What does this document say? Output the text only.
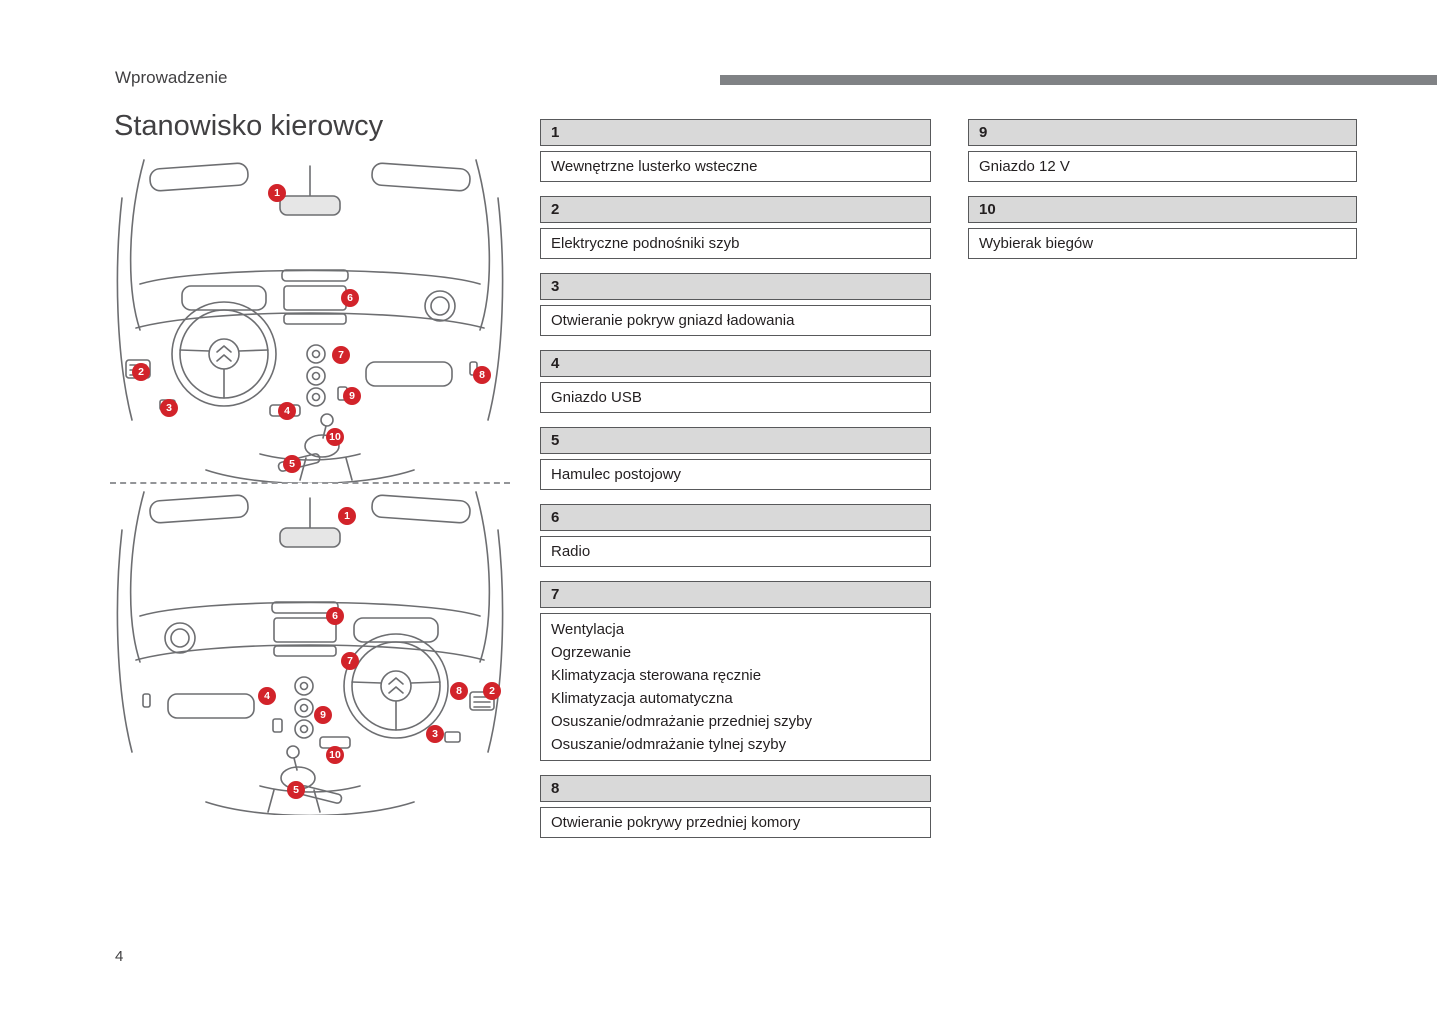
Wprowadzenie
Stanowisko kierowcy
4
1
2
3	4
5
6
7
8
9
10
1
2
3
4
5
6
7
8
9
10
1
Wewnętrzne lusterko wsteczne
2
Elektryczne podnośniki szyb
3
Otwieranie pokryw gniazd ładowania
4
Gniazdo USB
5
Hamulec postojowy
6
Radio
7
Wentylacja
Ogrzewanie
Klimatyzacja sterowana ręcznie
Klimatyzacja automatyczna
Osuszanie/odmrażanie przedniej szyby
Osuszanie/odmrażanie tylnej szyby
8
Otwieranie pokrywy przedniej komory
9
Gniazdo 12 V
10
Wybierak biegów
